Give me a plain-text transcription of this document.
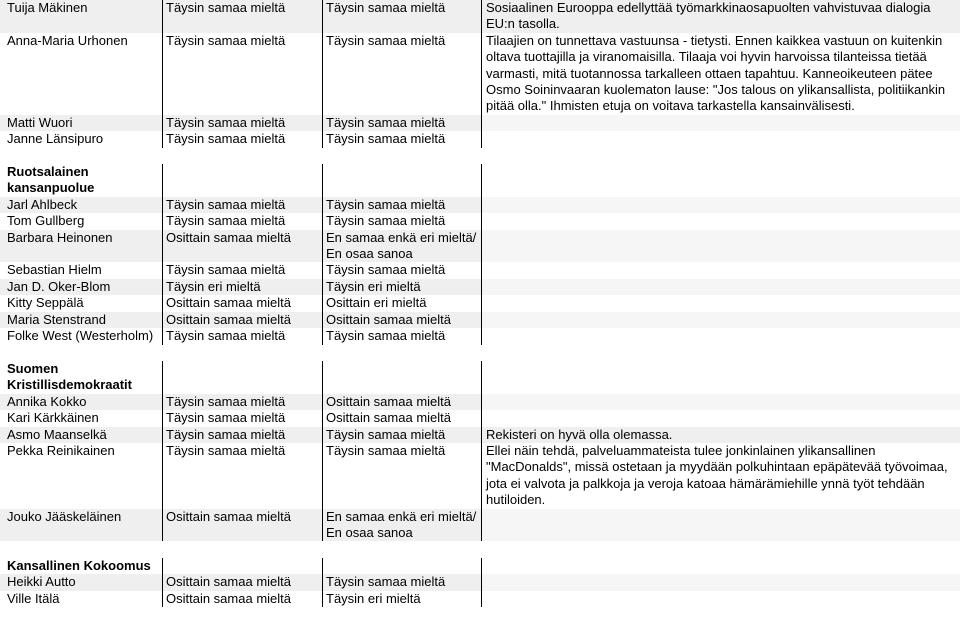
Tuija Mäkinen	Täysin samaa mieltä	Täysin samaa mieltä	Sosiaalinen Eurooppa edellyttää työmarkkinaosapuolten vahvistuvaa dialogia EU:n tasolla.
Anna-Maria Urhonen	Täysin samaa mieltä	Täysin samaa mieltä	Tilaajien on tunnettava vastuunsa - tietysti. Ennen kaikkea vastuun on kuitenkin oltava tuottajilla ja viranomaisilla. Tilaaja voi hyvin harvoissa tilanteissa tietää varmasti, mitä tuotannossa tarkalleen ottaen tapahtuu. Kanneoikeuteen pätee Osmo Soininvaaran kuolematon lause: "Jos talous on ylikansallista, politiikankin pitää olla." Ihmisten etuja on voitava tarkastella kansainvälisesti.
Matti Wuori	Täysin samaa mieltä	Täysin samaa mieltä
Janne Länsipuro	Täysin samaa mieltä	Täysin samaa mieltä
Ruotsalainen kansanpuolue
Jarl Ahlbeck	Täysin samaa mieltä	Täysin samaa mieltä
Tom Gullberg	Täysin samaa mieltä	Täysin samaa mieltä
Barbara Heinonen	Osittain samaa mieltä	En samaa enkä eri mieltä/ En osaa sanoa
Sebastian Hielm	Täysin samaa mieltä	Täysin samaa mieltä
Jan D. Oker-Blom	Täysin eri mieltä	Täysin eri mieltä
Kitty Seppälä	Osittain samaa mieltä	Osittain eri mieltä
Maria Stenstrand	Osittain samaa mieltä	Osittain samaa mieltä
Folke West (Westerholm) Täysin samaa mieltä	Täysin samaa mieltä
Suomen Kristillisdemokraatit
Annika Kokko	Täysin samaa mieltä	Osittain samaa mieltä
Kari Kärkkäinen	Täysin samaa mieltä	Osittain samaa mieltä
Asmo Maanselkä	Täysin samaa mieltä	Täysin samaa mieltä	Rekisteri on hyvä olla olemassa.
Pekka Reinikainen	Täysin samaa mieltä	Täysin samaa mieltä	Ellei näin tehdä, palveluammateista tulee jonkinlainen ylikansallinen "MacDonalds", missä ostetaan ja myydään polkuhintaan epäpätevää työvoimaa, jota ei valvota ja palkkoja ja veroja katoaa hämärämiehille ynnä työt tehdään hutiloiden.
Jouko Jääskeläinen	Osittain samaa mieltä	En samaa enkä eri mieltä/ En osaa sanoa
Kansallinen Kokoomus
Heikki Autto	Osittain samaa mieltä	Täysin samaa mieltä
Ville Itälä	Osittain samaa mieltä	Täysin eri mieltä
